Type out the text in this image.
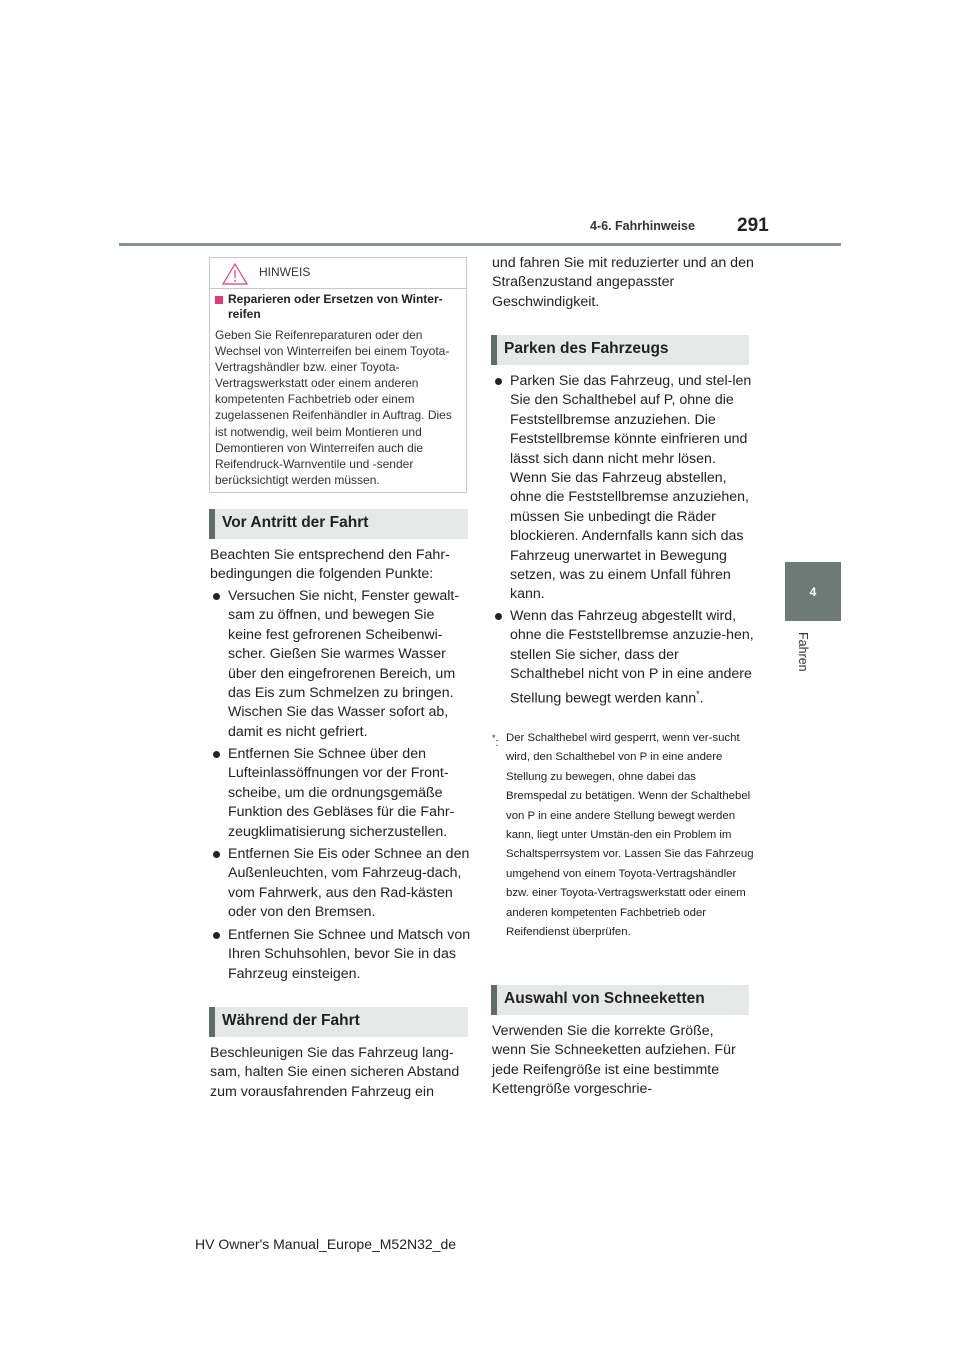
4-6. Fahrhinweise 291
4
Fahren
HINWEIS
Reparieren oder Ersetzen von Winter-reifen
Geben Sie Reifenreparaturen oder den Wechsel von Winterreifen bei einem Toyota-Vertragshändler bzw. einer Toyota-Vertragswerkstatt oder einem anderen kompetenten Fachbetrieb oder einem zugelassenen Reifenhändler in Auftrag. Dies ist notwendig, weil beim Montieren und Demontieren von Winterreifen auch die Reifendruck-Warnventile und -sender berücksichtigt werden müssen.
Vor Antritt der Fahrt
Beachten Sie entsprechend den Fahr-bedingungen die folgenden Punkte:
Versuchen Sie nicht, Fenster gewalt-sam zu öffnen, und bewegen Sie keine fest gefrorenen Scheibenwi-scher. Gießen Sie warmes Wasser über den eingefrorenen Bereich, um das Eis zum Schmelzen zu bringen. Wischen Sie das Wasser sofort ab, damit es nicht gefriert.
Entfernen Sie Schnee über den Lufteinlassöffnungen vor der Front-scheibe, um die ordnungsgemäße Funktion des Gebläses für die Fahr-zeugklimatisierung sicherzustellen.
Entfernen Sie Eis oder Schnee an den Außenleuchten, vom Fahrzeug-dach, vom Fahrwerk, aus den Rad-kästen oder von den Bremsen.
Entfernen Sie Schnee und Matsch von Ihren Schuhsohlen, bevor Sie in das Fahrzeug einsteigen.
Während der Fahrt
Beschleunigen Sie das Fahrzeug lang-sam, halten Sie einen sicheren Abstand zum vorausfahrenden Fahrzeug ein
und fahren Sie mit reduzierter und an den Straßenzustand angepasster Geschwindigkeit.
Parken des Fahrzeugs
Parken Sie das Fahrzeug, und stel-len Sie den Schalthebel auf P, ohne die Feststellbremse anzuziehen. Die Feststellbremse könnte einfrieren und lässt sich dann nicht mehr lösen. Wenn Sie das Fahrzeug abstellen, ohne die Feststellbremse anzuziehen, müssen Sie unbedingt die Räder blockieren. Andernfalls kann sich das Fahrzeug unerwartet in Bewegung setzen, was zu einem Unfall führen kann.
Wenn das Fahrzeug abgestellt wird, ohne die Feststellbremse anzuzie-hen, stellen Sie sicher, dass der Schalthebel nicht von P in eine andere Stellung bewegt werden kann*.
*: Der Schalthebel wird gesperrt, wenn ver-sucht wird, den Schalthebel von P in eine andere Stellung zu bewegen, ohne dabei das Bremspedal zu betätigen. Wenn der Schalthebel von P in eine andere Stellung bewegt werden kann, liegt unter Umstän-den ein Problem im Schaltsperrsystem vor. Lassen Sie das Fahrzeug umgehend von einem Toyota-Vertragshändler bzw. einer Toyota-Vertragswerkstatt oder einem anderen kompetenten Fachbetrieb oder Reifendienst überprüfen.
Auswahl von Schneeketten
Verwenden Sie die korrekte Größe, wenn Sie Schneeketten aufziehen. Für jede Reifengröße ist eine bestimmte Kettengröße vorgeschrie-
HV Owner's Manual_Europe_M52N32_de
